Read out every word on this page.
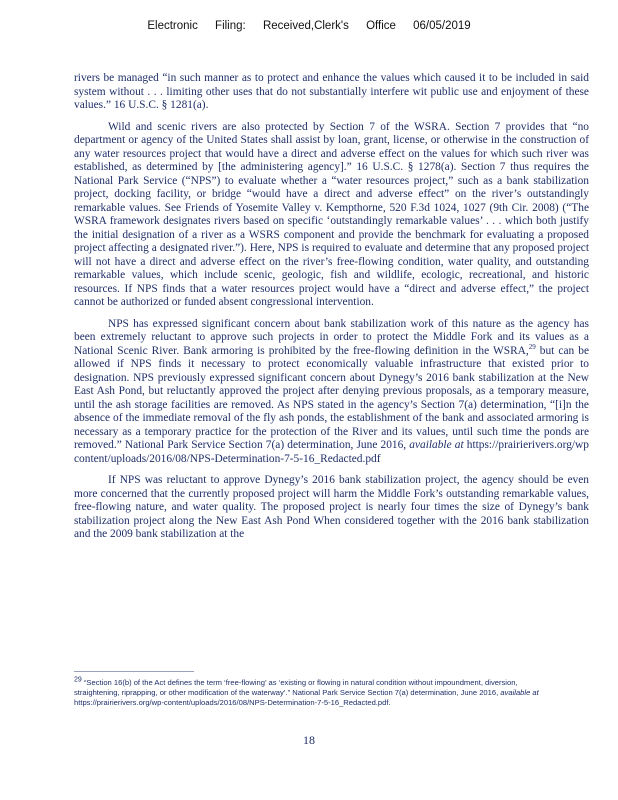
Electronic Filing: Received,Clerk's Office 06/05/2019

rivers be managed “in such manner as to protect and enhance the values which caused it to be included in said system without . . . limiting other uses that do not substantially interfere wit public use and enjoyment of these values.” 16 U.S.C. § 1281(a).

Wild and scenic rivers are also protected by Section 7 of the WSRA. Section 7 provides that “no department or agency of the United States shall assist by loan, grant, license, or otherwise in the construction of any water resources project that would have a direct and adverse effect on the values for which such river was established, as determined by [the administering agency].” 16 U.S.C. § 1278(a). Section 7 thus requires the National Park Service (“NPS”) to evaluate whether a “water resources project,” such as a bank stabilization project, docking facility, or bridge “would have a direct and adverse effect” on the river’s outstandingly remarkable values. See Friends of Yosemite Valley v. Kempthorne, 520 F.3d 1024, 1027 (9th Cir. 2008) (“The WSRA framework designates rivers based on specific ‘outstandingly remarkable values’ . . . which both justify the initial designation of a river as a WSRS component and provide the benchmark for evaluating a proposed project affecting a designated river.”). Here, NPS is required to evaluate and determine that any proposed project will not have a direct and adverse effect on the river’s free-flowing condition, water quality, and outstanding remarkable values, which include scenic, geologic, fish and wildlife, ecologic, recreational, and historic resources. If NPS finds that a water resources project would have a “direct and adverse effect,” the project cannot be authorized or funded absent congressional intervention.

NPS has expressed significant concern about bank stabilization work of this nature as the agency has been extremely reluctant to approve such projects in order to protect the Middle Fork and its values as a National Scenic River. Bank armoring is prohibited by the free-flowing definition in the WSRA,$^{29}$ but can be allowed if NPS finds it necessary to protect economically valuable infrastructure that existed prior to designation. NPS previously expressed significant concern about Dynegy’s 2016 bank stabilization at the New East Ash Pond, but reluctantly approved the project after denying previous proposals, as a temporary measure, until the ash storage facilities are removed. As NPS stated in the agency’s Section 7(a) determination, “[i]n the absence of the immediate removal of the fly ash ponds, the establishment of the bank and associated armoring is necessary as a temporary practice for the protection of the River and its values, until such time the ponds are removed.” National Park Service Section 7(a) determination, June 2016, available at https://prairierivers.org/wp content/uploads/2016/08/NPS-Determination-7-5-16_Redacted.pdf

If NPS was reluctant to approve Dynegy’s 2016 bank stabilization project, the agency should be even more concerned that the currently proposed project will harm the Middle Fork’s outstanding remarkable values, free-flowing nature, and water quality. The proposed project is nearly four times the size of Dynegy’s bank stabilization project along the New East Ash Pond When considered together with the 2016 bank stabilization and the 2009 bank stabilization at the

$^{29}$ “Section 16(b) of the Act defines the term ‘free-flowing’ as ‘existing or flowing in natural condition without impoundment, diversion, straightening, riprapping, or other modification of the waterway’.” National Park Service Section 7(a) determination, June 2016, available at https://prairierivers.org/wp-content/uploads/2016/08/NPS-Determination-7-5-16_Redacted.pdf.
18
